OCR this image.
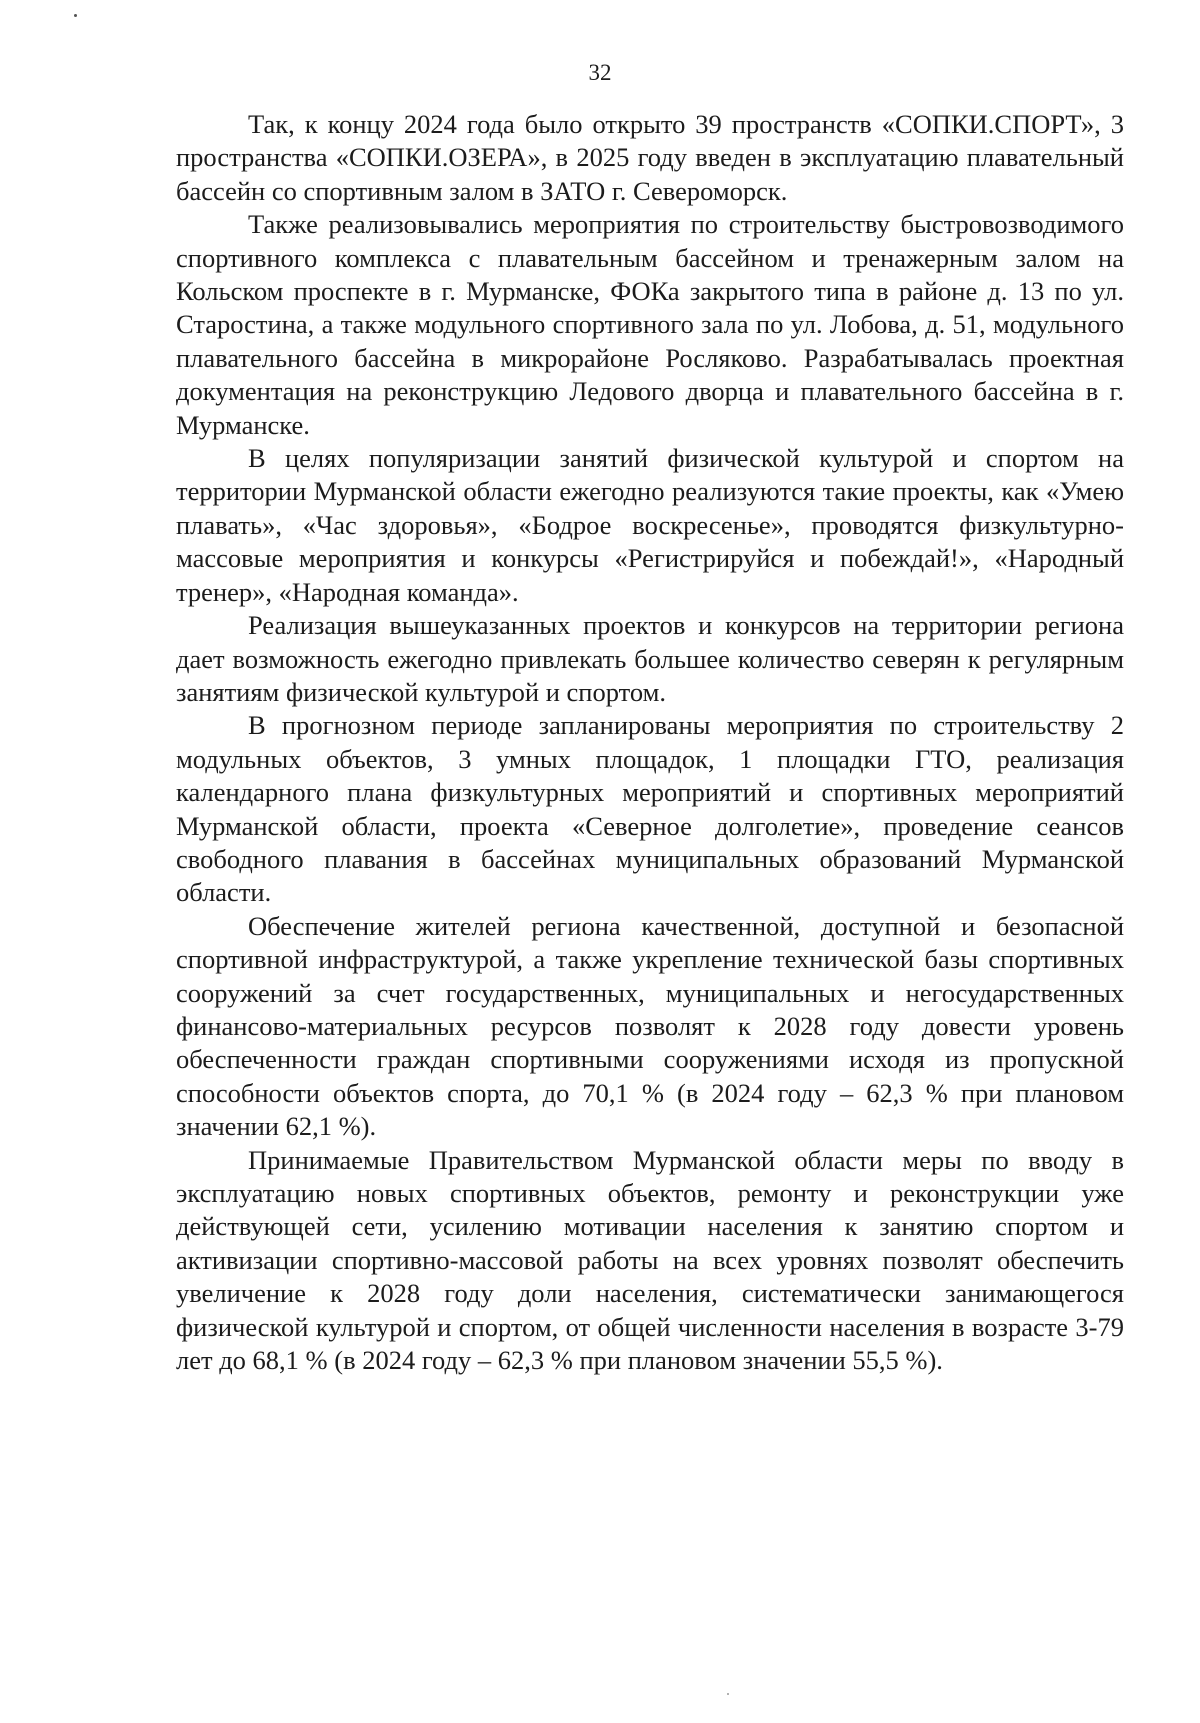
32

Так, к концу 2024 года было открыто 39 пространств «СОПКИ.СПОРТ», 3 пространства «СОПКИ.ОЗЕРА», в 2025 году введен в эксплуатацию плавательный бассейн со спортивным залом в ЗАТО г. Североморск.

Также реализовывались мероприятия по строительству быстровозводимого спортивного комплекса с плавательным бассейном и тренажерным залом на Кольском проспекте в г. Мурманске, ФОКа закрытого типа в районе д. 13 по ул. Старостина, а также модульного спортивного зала по ул. Лобова, д. 51, модульного плавательного бассейна в микрорайоне Росляково. Разрабатывалась проектная документация на реконструкцию Ледового дворца и плавательного бассейна в г. Мурманске.

В целях популяризации занятий физической культурой и спортом на территории Мурманской области ежегодно реализуются такие проекты, как «Умею плавать», «Час здоровья», «Бодрое воскресенье», проводятся физкультурно-массовые мероприятия и конкурсы «Регистрируйся и побеждай!», «Народный тренер», «Народная команда».

Реализация вышеуказанных проектов и конкурсов на территории региона дает возможность ежегодно привлекать большее количество северян к регулярным занятиям физической культурой и спортом.

В прогнозном периоде запланированы мероприятия по строительству 2 модульных объектов, 3 умных площадок, 1 площадки ГТО, реализация календарного плана физкультурных мероприятий и спортивных мероприятий Мурманской области, проекта «Северное долголетие», проведение сеансов свободного плавания в бассейнах муниципальных образований Мурманской области.

Обеспечение жителей региона качественной, доступной и безопасной спортивной инфраструктурой, а также укрепление технической базы спортивных сооружений за счет государственных, муниципальных и негосударственных финансово-материальных ресурсов позволят к 2028 году довести уровень обеспеченности граждан спортивными сооружениями исходя из пропускной способности объектов спорта, до 70,1 % (в 2024 году – 62,3 % при плановом значении 62,1 %).

Принимаемые Правительством Мурманской области меры по вводу в эксплуатацию новых спортивных объектов, ремонту и реконструкции уже действующей сети, усилению мотивации населения к занятию спортом и активизации спортивно-массовой работы на всех уровнях позволят обеспечить увеличение к 2028 году доли населения, систематически занимающегося физической культурой и спортом, от общей численности населения в возрасте 3-79 лет до 68,1 % (в 2024 году – 62,3 % при плановом значении 55,5 %).
